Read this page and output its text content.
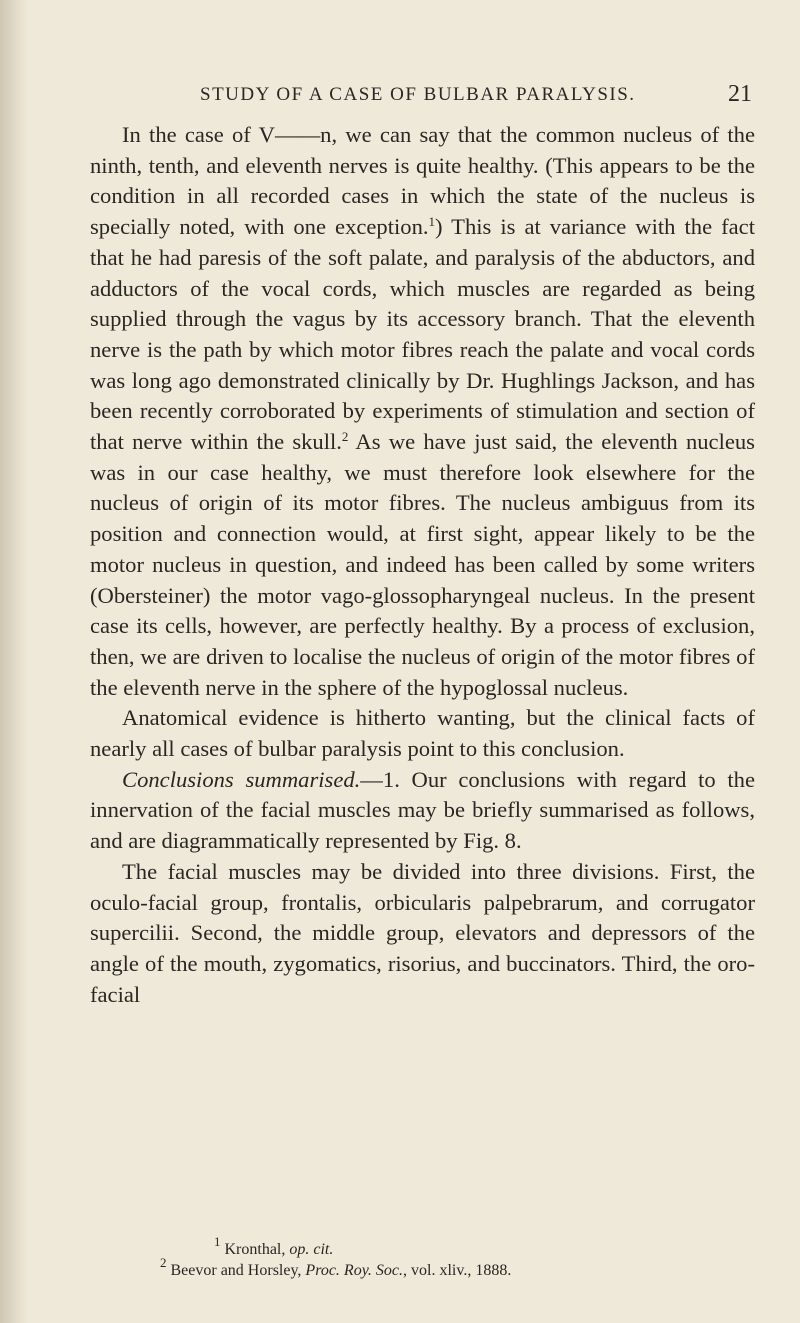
STUDY OF A CASE OF BULBAR PARALYSIS.	21

In the case of V——n, we can say that the common nucleus of the ninth, tenth, and eleventh nerves is quite healthy. (This appears to be the condition in all recorded cases in which the state of the nucleus is specially noted, with one exception.$^1$) This is at variance with the fact that he had paresis of the soft palate, and paralysis of the abductors, and adductors of the vocal cords, which muscles are regarded as being supplied through the vagus by its accessory branch. That the eleventh nerve is the path by which motor fibres reach the palate and vocal cords was long ago demonstrated clinically by Dr. Hughlings Jackson, and has been recently corroborated by experiments of stimulation and section of that nerve within the skull.$^2$ As we have just said, the eleventh nucleus was in our case healthy, we must therefore look elsewhere for the nucleus of origin of its motor fibres. The nucleus ambiguus from its position and connection would, at first sight, appear likely to be the motor nucleus in question, and indeed has been called by some writers (Obersteiner) the motor vago-glossopharyngeal nucleus. In the present case its cells, however, are perfectly healthy. By a process of exclusion, then, we are driven to localise the nucleus of origin of the motor fibres of the eleventh nerve in the sphere of the hypoglossal nucleus.

Anatomical evidence is hitherto wanting, but the clinical facts of nearly all cases of bulbar paralysis point to this conclusion.

Conclusions summarised.—1. Our conclusions with regard to the innervation of the facial muscles may be briefly summarised as follows, and are diagrammatically represented by Fig. 8.

The facial muscles may be divided into three divisions. First, the oculo-facial group, frontalis, orbicularis palpebrarum, and corrugator supercilii. Second, the middle group, elevators and depressors of the angle of the mouth, zygomatics, risorius, and buccinators. Third, the oro-facial

$^1$ Kronthal, op. cit.

$^2$ Beevor and Horsley, Proc. Roy. Soc., vol. xliv., 1888.
